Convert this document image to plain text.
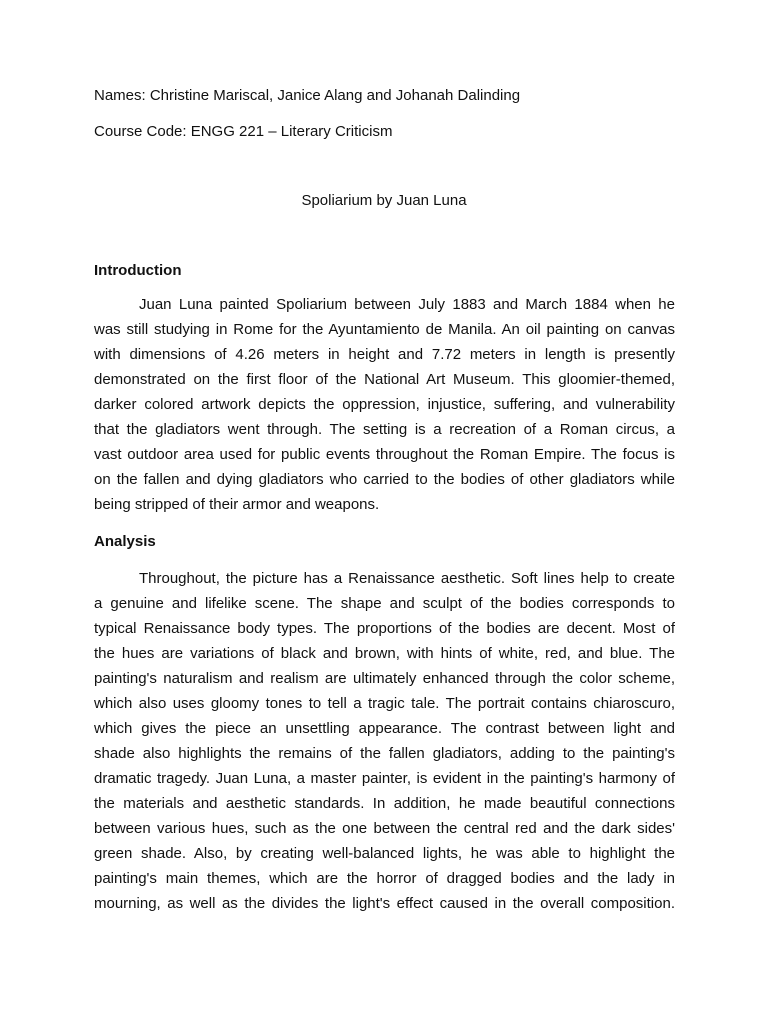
Names: Christine Mariscal, Janice Alang and Johanah Dalinding
Course Code: ENGG 221 – Literary Criticism
Spoliarium by Juan Luna
Introduction
Juan Luna painted Spoliarium between July 1883 and March 1884 when he
was still studying in Rome for the Ayuntamiento de Manila. An oil painting on canvas
with dimensions of 4.26 meters in height and 7.72 meters in length is presently
demonstrated on the first floor of the National Art Museum. This gloomier-themed,
darker colored artwork depicts the oppression, injustice, suffering, and vulnerability
that the gladiators went through. The setting is a recreation of a Roman circus, a
vast outdoor area used for public events throughout the Roman Empire. The focus is
on the fallen and dying gladiators who carried to the bodies of other gladiators while
being stripped of their armor and weapons.
Analysis
Throughout, the picture has a Renaissance aesthetic. Soft lines help to create
a genuine and lifelike scene. The shape and sculpt of the bodies corresponds to
typical Renaissance body types. The proportions of the bodies are decent. Most of
the hues are variations of black and brown, with hints of white, red, and blue. The
painting's naturalism and realism are ultimately enhanced through the color scheme,
which also uses gloomy tones to tell a tragic tale. The portrait contains chiaroscuro,
which gives the piece an unsettling appearance. The contrast between light and
shade also highlights the remains of the fallen gladiators, adding to the painting's
dramatic tragedy. Juan Luna, a master painter, is evident in the painting's harmony of
the materials and aesthetic standards. In addition, he made beautiful connections
between various hues, such as the one between the central red and the dark sides'
green shade. Also, by creating well-balanced lights, he was able to highlight the
painting's main themes, which are the horror of dragged bodies and the lady in
mourning, as well as the divides the light's effect caused in the overall composition.
